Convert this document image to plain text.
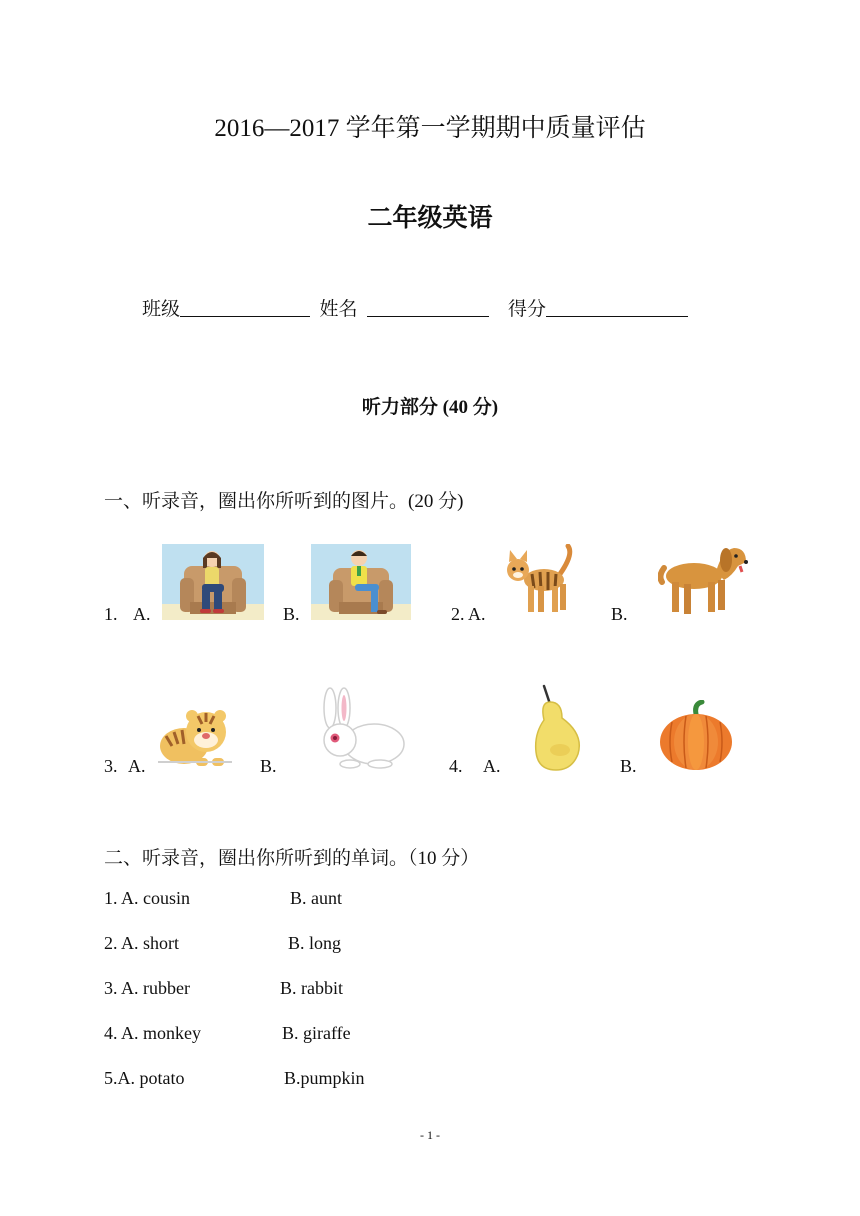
2016—2017 学年第一学期期中质量评估
二年级英语
班级	姓名	得分
听力部分 (40 分)
一、听录音，圈出你所听到的图片。(20 分)
1. A.	B.	2. A.	B.
3. A.	B.	4. A.	B.
二、听录音，圈出你所听到的单词。（10 分）
1. A. cousin	B. aunt
2. A. short	B. long
3. A. rubber	B. rabbit
4. A. monkey	B. giraffe
5.A. potato	B.pumpkin
- 1 -
